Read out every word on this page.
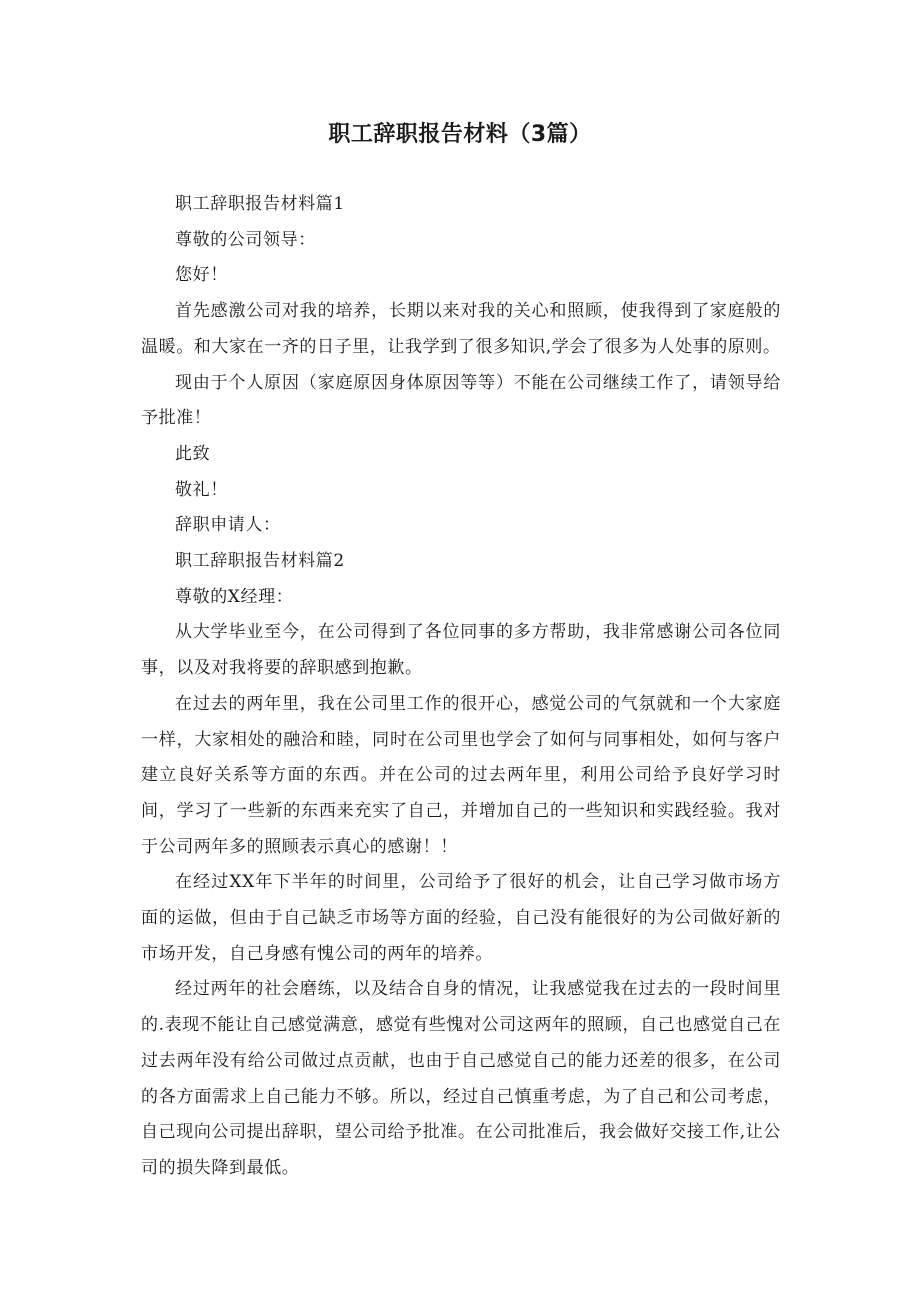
职工辞职报告材料（3篇）

职工辞职报告材料篇1

尊敬的公司领导：

您好！

首先感激公司对我的培养，长期以来对我的关心和照顾，使我得到了家庭般的温暖。和大家在一齐的日子里，让我学到了很多知识,学会了很多为人处事的原则。

现由于个人原因（家庭原因身体原因等等）不能在公司继续工作了，请领导给予批准！

此致

敬礼！

辞职申请人：

职工辞职报告材料篇2

尊敬的X经理：

从大学毕业至今，在公司得到了各位同事的多方帮助，我非常感谢公司各位同事，以及对我将要的辞职感到抱歉。

在过去的两年里，我在公司里工作的很开心，感觉公司的气氛就和一个大家庭一样，大家相处的融洽和睦，同时在公司里也学会了如何与同事相处，如何与客户建立良好关系等方面的东西。并在公司的过去两年里，利用公司给予良好学习时间，学习了一些新的东西来充实了自己，并增加自己的一些知识和实践经验。我对于公司两年多的照顾表示真心的感谢！！

在经过XX年下半年的时间里，公司给予了很好的机会，让自己学习做市场方面的运做，但由于自己缺乏市场等方面的经验，自己没有能很好的为公司做好新的市场开发，自己身感有愧公司的两年的培养。

经过两年的社会磨练，以及结合自身的情况，让我感觉我在过去的一段时间里的.表现不能让自己感觉满意，感觉有些愧对公司这两年的照顾，自己也感觉自己在过去两年没有给公司做过点贡献，也由于自己感觉自己的能力还差的很多，在公司的各方面需求上自己能力不够。所以，经过自己慎重考虑，为了自己和公司考虑，自己现向公司提出辞职，望公司给予批准。在公司批准后，我会做好交接工作,让公司的损失降到最低。
